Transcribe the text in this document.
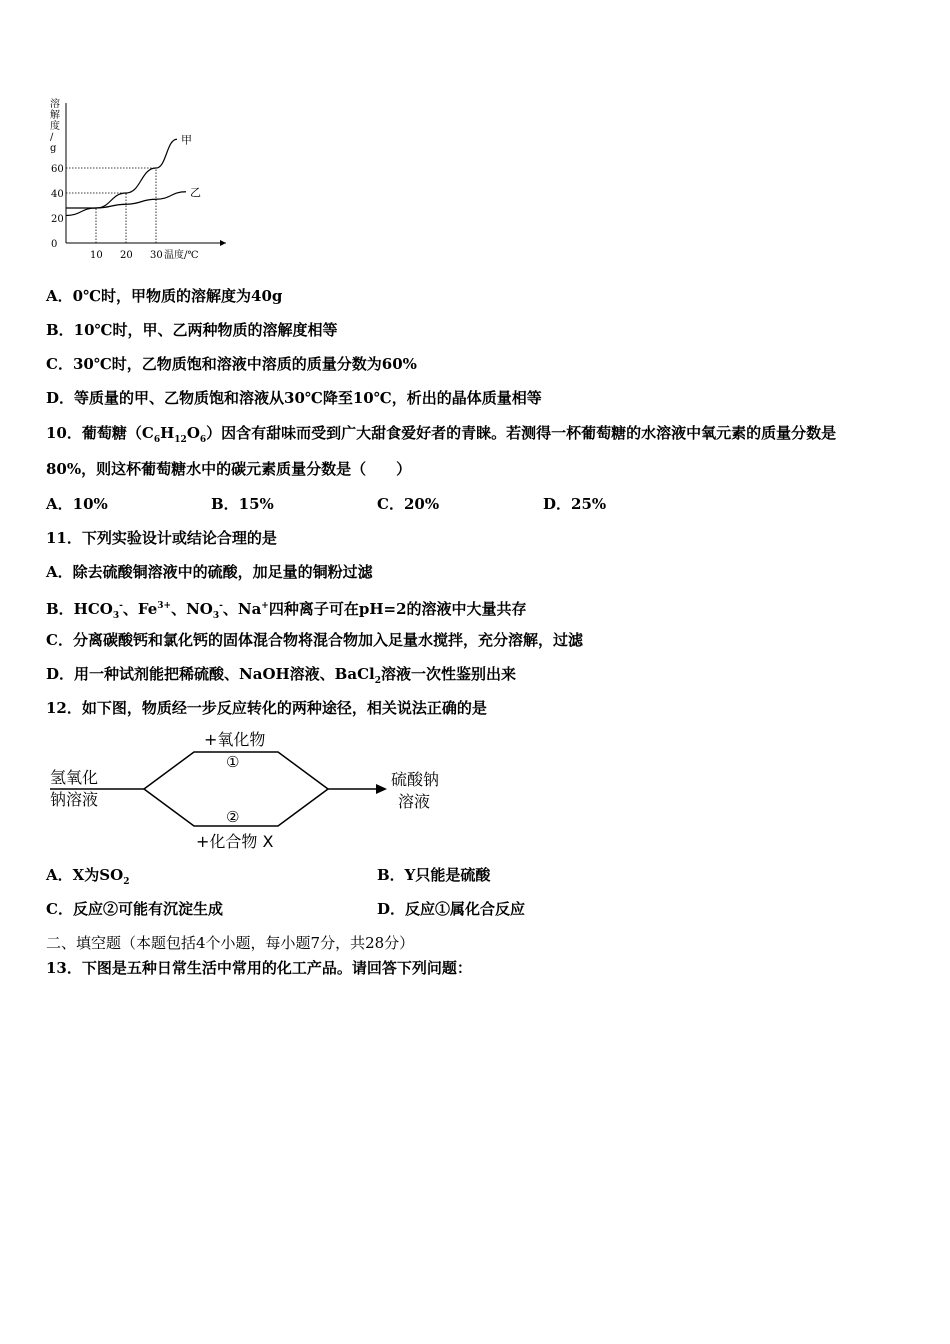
溶
解
度
∕
g
0
20
40
60
10 20 30 温度/℃
甲
乙
A．0℃时，甲物质的溶解度为40g
B．10℃时，甲、乙两种物质的溶解度相等
C．30℃时，乙物质饱和溶液中溶质的质量分数为60%
D．等质量的甲、乙物质饱和溶液从30℃降至10℃，析出的晶体质量相等
10．葡萄糖$(C_6H_{12}O_6)$因含有甜味而受到广大甜食爱好者的青睐。若测得一杯葡萄糖的水溶液中氧元素的质量分数是
80%，则这杯葡萄糖水中的碳元素质量分数是（　　）
A．10%	B．15%	C．20%	D．25%
11．下列实验设计或结论合理的是
A．除去硫酸铜溶液中的硫酸，加足量的铜粉过滤
B．$HCO_3^-$、$Fe^{3+}$、$NO_3^-$、Na+四种离子可在pH=2的溶液中大量共存
C．分离碳酸钙和氯化钙的固体混合物将混合物加入足量水搅拌，充分溶解，过滤
D．用一种试剂能把稀硫酸、NaOH溶液、BaCl$_2$溶液一次性鉴别出来
12．如下图，物质经一步反应转化的两种途径，相关说法正确的是
氢氧化
钠溶液
+氧化物
①
②
+化合物 X
硫酸钠
溶液
A．X为$SO_2$	B．Y只能是硫酸
C．反应②可能有沉淀生成	D．反应①属化合反应
二、填空题（本题包括4个小题，每小题7分，共28分）
13．下图是五种日常生活中常用的化工产品。请回答下列问题：
